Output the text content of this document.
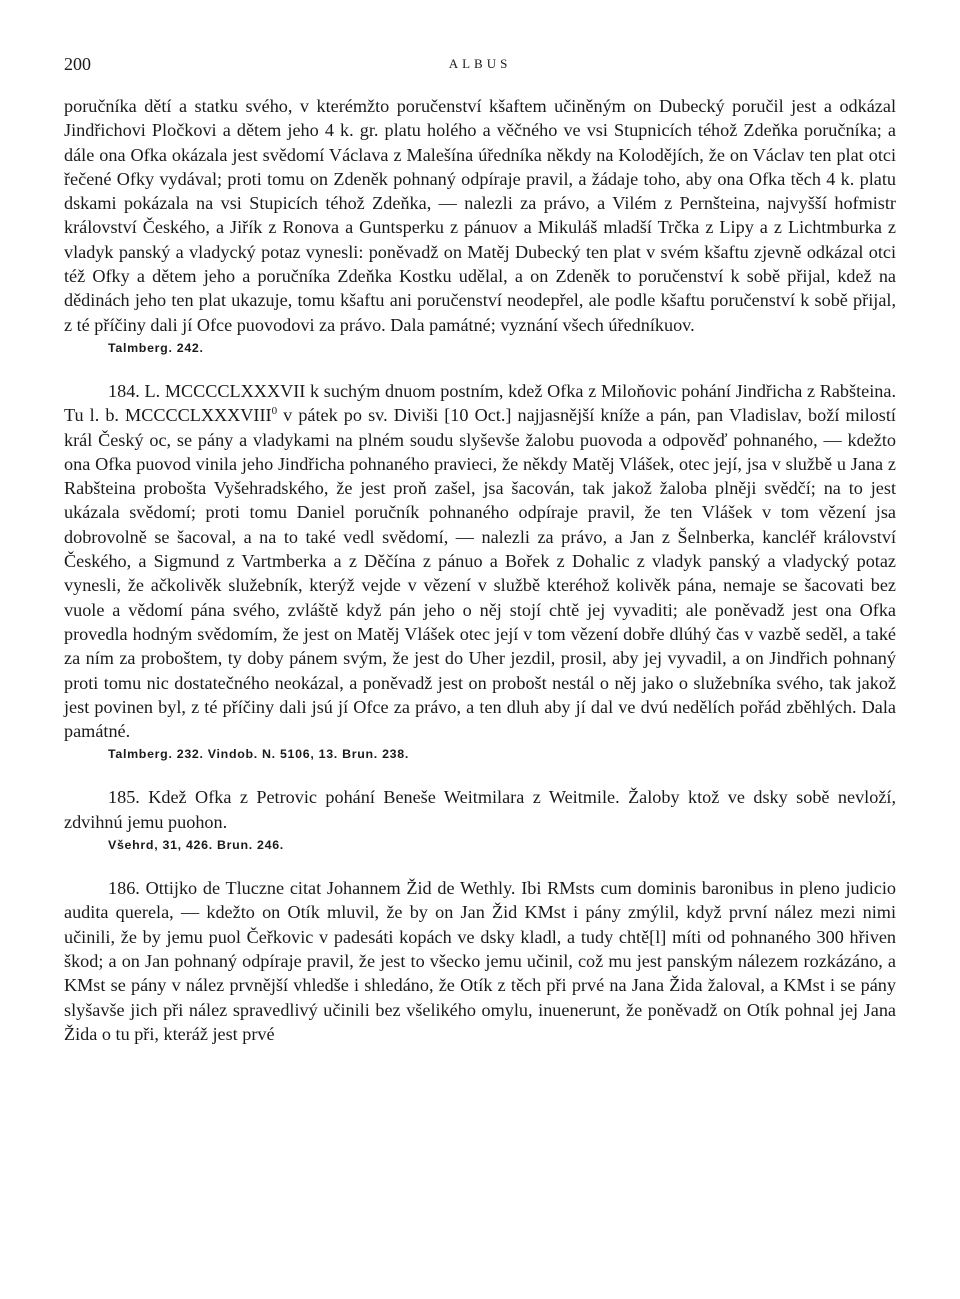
200	ALBUS

poručníka dětí a statku svého, v kterémžto poručenství kšaftem učiněným on Dubecký poručil jest a odkázal Jindřichovi Pločkovi a dětem jeho 4 k. gr. platu holého a věčného ve vsi Stupnicích téhož Zdeňka poručníka; a dále ona Ofka okázala jest svědomí Václava z Malešína úředníka někdy na Kolodějích, že on Václav ten plat otci řečené Ofky vydával; proti tomu on Zdeněk pohnaný odpíraje pravil, a žádaje toho, aby ona Ofka těch 4 k. platu dskami pokázala na vsi Stupicích téhož Zdeňka, — nalezli za právo, a Vilém z Pernšteina, najvyšší hofmistr království Českého, a Jiřík z Ronova a Guntsperku z pánuov a Mikuláš mladší Trčka z Lipy a z Lichtmburka z vladyk panský a vladycký potaz vynesli: poněvadž on Matěj Dubecký ten plat v svém kšaftu zjevně odkázal otci též Ofky a dětem jeho a poručníka Zdeňka Kostku udělal, a on Zdeněk to poručenství k sobě přijal, kdež na dědinách jeho ten plat ukazuje, tomu kšaftu ani poručenství neodepřel, ale podle kšaftu poručenství k sobě přijal, z té příčiny dali jí Ofce puovodovi za právo. Dala památné; vyznání všech úředníkuov.

Talmberg. 242.

184. L. MCCCCLXXXVII k suchým dnuom postním, kdež Ofka z Miloňovic pohání Jindřicha z Rabšteina. Tu l. b. MCCCCLXXXVIII$^0$ v pátek po sv. Diviši [10 Oct.] najjasnější kníže a pán, pan Vladislav, boží milostí král Český oc, se pány a vladykami na plném soudu slyševše žalobu puovoda a odpověď pohnaného, — kdežto ona Ofka puovod vinila jeho Jindřicha pohnaného pravieci, že někdy Matěj Vlášek, otec její, jsa v službě u Jana z Rabšteina probošta Vyšehradského, že jest proň zašel, jsa šacován, tak jakož žaloba plněji svědčí; na to jest ukázala svědomí; proti tomu Daniel poručník pohnaného odpíraje pravil, že ten Vlášek v tom vězení jsa dobrovolně se šacoval, a na to také vedl svědomí, — nalezli za právo, a Jan z Šelnberka, kancléř království Českého, a Sigmund z Vartmberka a z Děčína z pánuo a Bořek z Dohalic z vladyk panský a vladycký potaz vynesli, že ačkolivěk služebník, kterýž vejde v vězení v službě kteréhož kolivěk pána, nemaje se šacovati bez vuole a vědomí pána svého, zvláště když pán jeho o něj stojí chtě jej vyvaditi; ale poněvadž jest ona Ofka provedla hodným svědomím, že jest on Matěj Vlášek otec její v tom vězení dobře dlúhý čas v vazbě seděl, a také za ním za proboštem, ty doby pánem svým, že jest do Uher jezdil, prosil, aby jej vyvadil, a on Jindřich pohnaný proti tomu nic dostatečného neokázal, a poněvadž jest on probošt nestál o něj jako o služebníka svého, tak jakož jest povinen byl, z té příčiny dali jsú jí Ofce za právo, a ten dluh aby jí dal ve dvú nedělích pořád zběhlých. Dala památné.

Talmberg. 232. Vindob. N. 5106, 13. Brun. 238.

185. Kdež Ofka z Petrovic pohání Beneše Weitmilara z Weitmile. Žaloby ktož ve dsky sobě nevloží, zdvihnú jemu puohon.

Všehrd, 31, 426. Brun. 246.

186. Ottijko de Tlucznе citat Johannem Žid de Wethly. Ibi RMsts cum dominis baronibus in pleno judicio audita querela, — kdežto on Otík mluvil, že by on Jan Žid KMst i pány zmýlil, když první nález mezi nimi učinili, že by jemu puol Čeřkovic v padesáti kopách ve dsky kladl, a tudy chtě[l] míti od pohnaného 300 hřiven škod; a on Jan pohnaný odpíraje pravil, že jest to všecko jemu učinil, což mu jest panským nálezem rozkázáno, a KMst se pány v nález prvnější vhledše i shledáno, že Otík z těch při prvé na Jana Žida žaloval, a KMst i se pány slyšavše jich při nález spravedlivý učinili bez všelikého omylu, inuenerunt, že poněvadž on Otík pohnal jej Jana Žida o tu při, kteráž jest prvé
